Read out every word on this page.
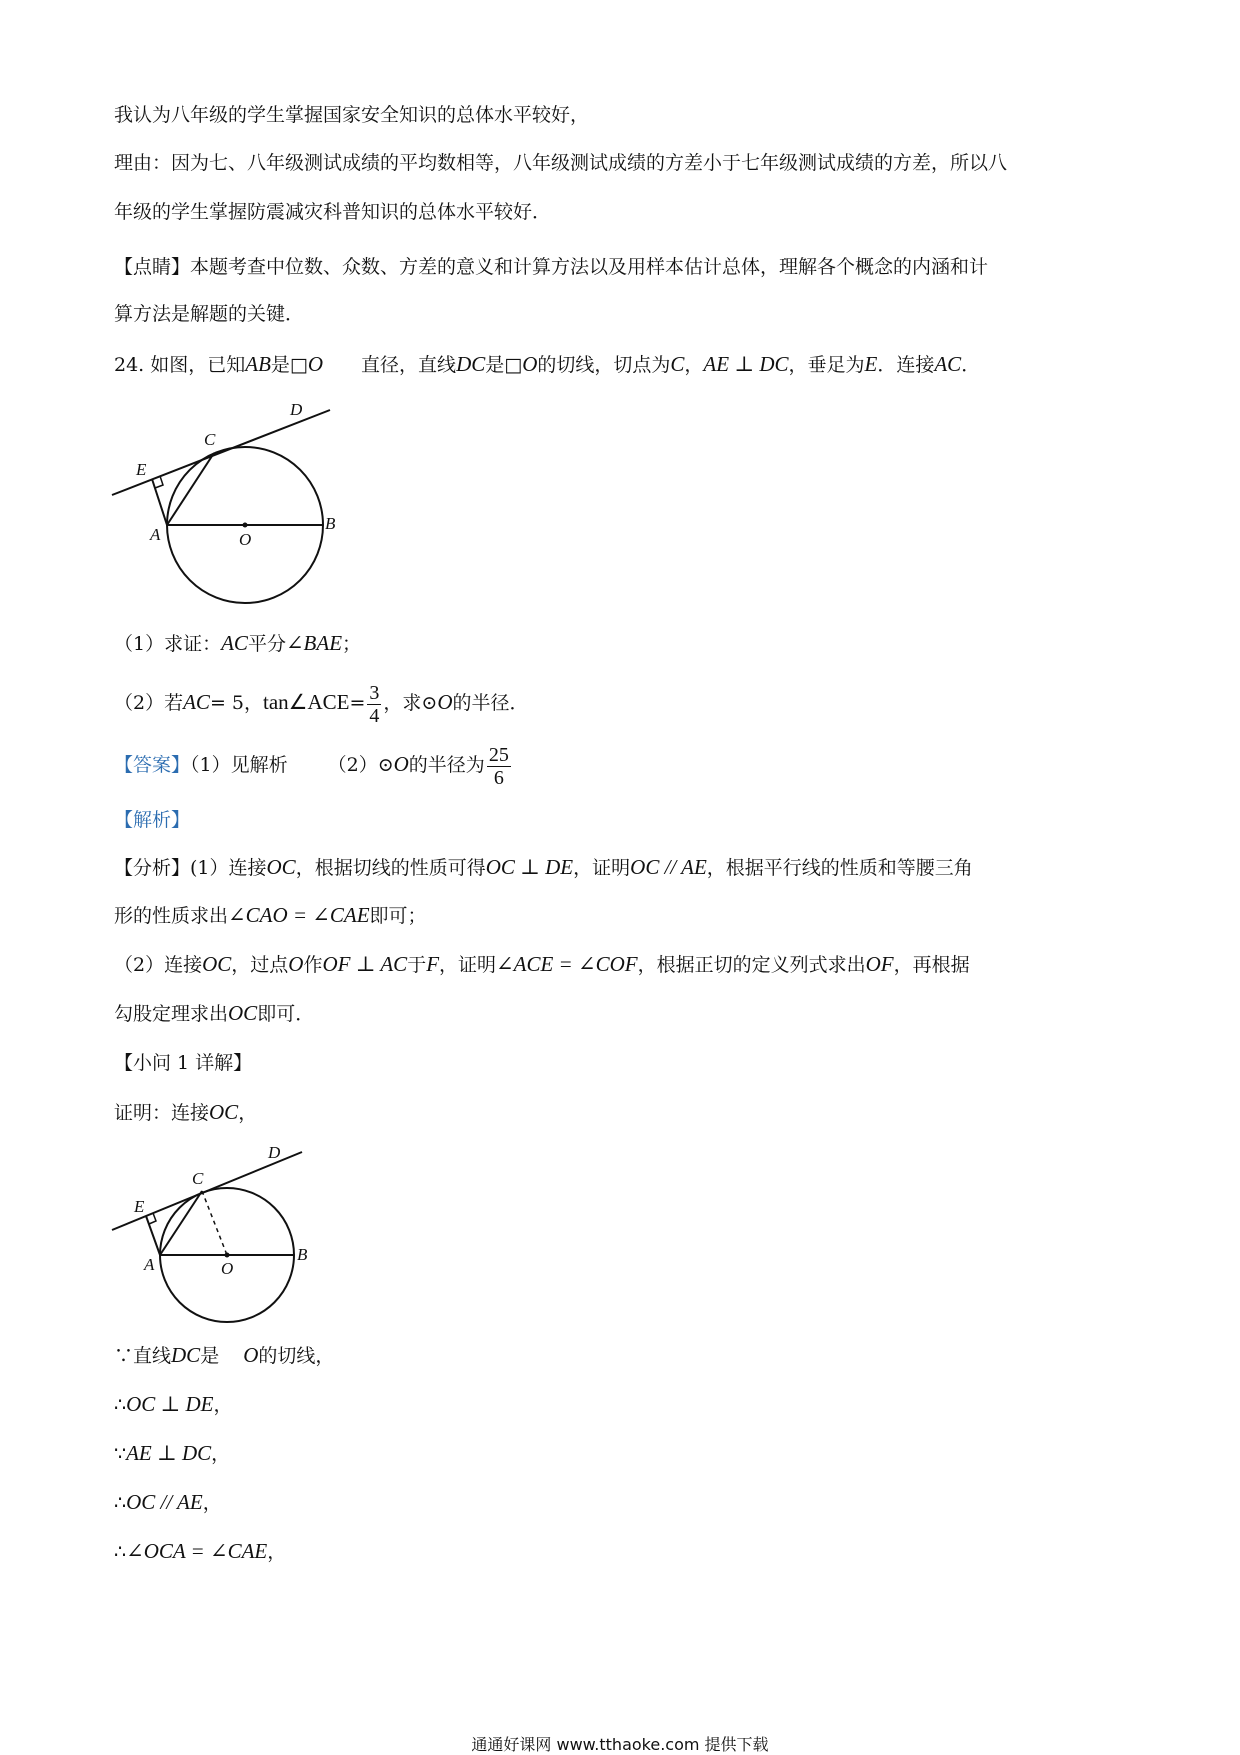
我认为八年级的学生掌握国家安全知识的总体水平较好，
理由：因为七、八年级测试成绩的平均数相等，八年级测试成绩的方差小于七年级测试成绩的方差，所以八
年级的学生掌握防震减灾科普知识的总体水平较好．
【点睛】本题考查中位数、众数、方差的意义和计算方法以及用样本估计总体，理解各个概念的内涵和计
算方法是解题的关键．
24. 如图，已知AB是□O 直径，直线DC是□O的切线，切点为C，AE ⊥ DC，垂足为E．连接AC．
D
C
E
A	O
B
（1）求证：AC平分∠BAE；
（2）若AC= 5，tan∠ACE= $\frac{3}{4}$ ，求⊙O的半径．
【答案】（1）见解析 （2）⊙O的半径为 $\frac{25}{6}$
【解析】
【分析】(1）连接OC，根据切线的性质可得OC ⊥ DE，证明OC // AE，根据平行线的性质和等腰三角
形的性质求出∠CAO = ∠CAE即可；
（2）连接OC，过点O作OF ⊥ AC于F，证明∠ACE = ∠COF，根据正切的定义列式求出OF，再根据
勾股定理求出OC即可．
【小问 1 详解】
证明：连接OC，
D
C
E
A	O
B
∵直线DC是 O的切线，
∴OC ⊥ DE，
∵AE ⊥ DC，
∴OC // AE，
∴∠OCA = ∠CAE，
通通好课网 www.tthaoke.com 提供下载
